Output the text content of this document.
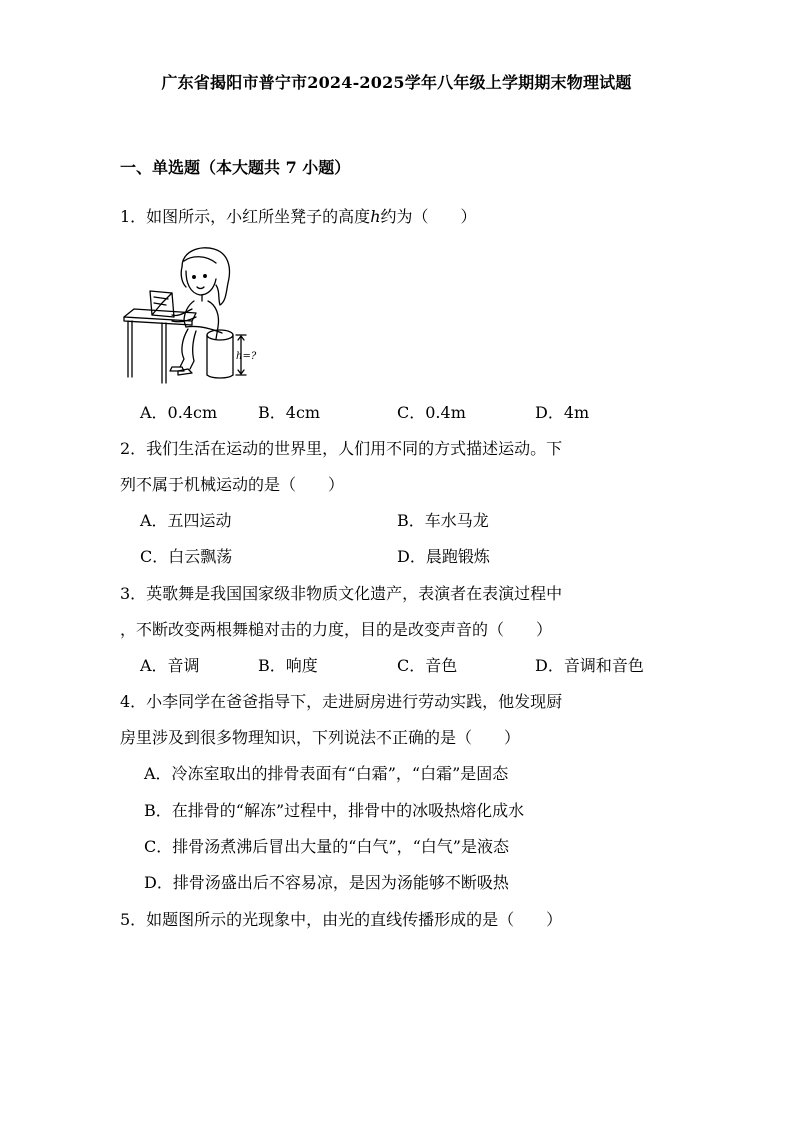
广东省揭阳市普宁市2024-2025学年八年级上学期期末物理试题
一、单选题（本大题共 7 小题）
1．如图所示，小红所坐凳子的高度h约为（　　）
h=?
A．0.4cm	B．4cm	C．0.4m	D．4m
2．我们生活在运动的世界里，人们用不同的方式描述运动。下
列不属于机械运动的是（　　）
A．五四运动	B．车水马龙
C．白云飘荡	D．晨跑锻炼
3．英歌舞是我国国家级非物质文化遗产，表演者在表演过程中
，不断改变两根舞槌对击的力度，目的是改变声音的（　　）
A．音调	B．响度	C．音色	D．音调和音色
4．小李同学在爸爸指导下，走进厨房进行劳动实践，他发现厨
房里涉及到很多物理知识，下列说法不正确的是（　　）
A．冷冻室取出的排骨表面有“白霜”，“白霜”是固态
B．在排骨的“解冻”过程中，排骨中的冰吸热熔化成水
C．排骨汤煮沸后冒出大量的“白气”，“白气”是液态
D．排骨汤盛出后不容易凉，是因为汤能够不断吸热
5．如题图所示的光现象中，由光的直线传播形成的是（　　）
